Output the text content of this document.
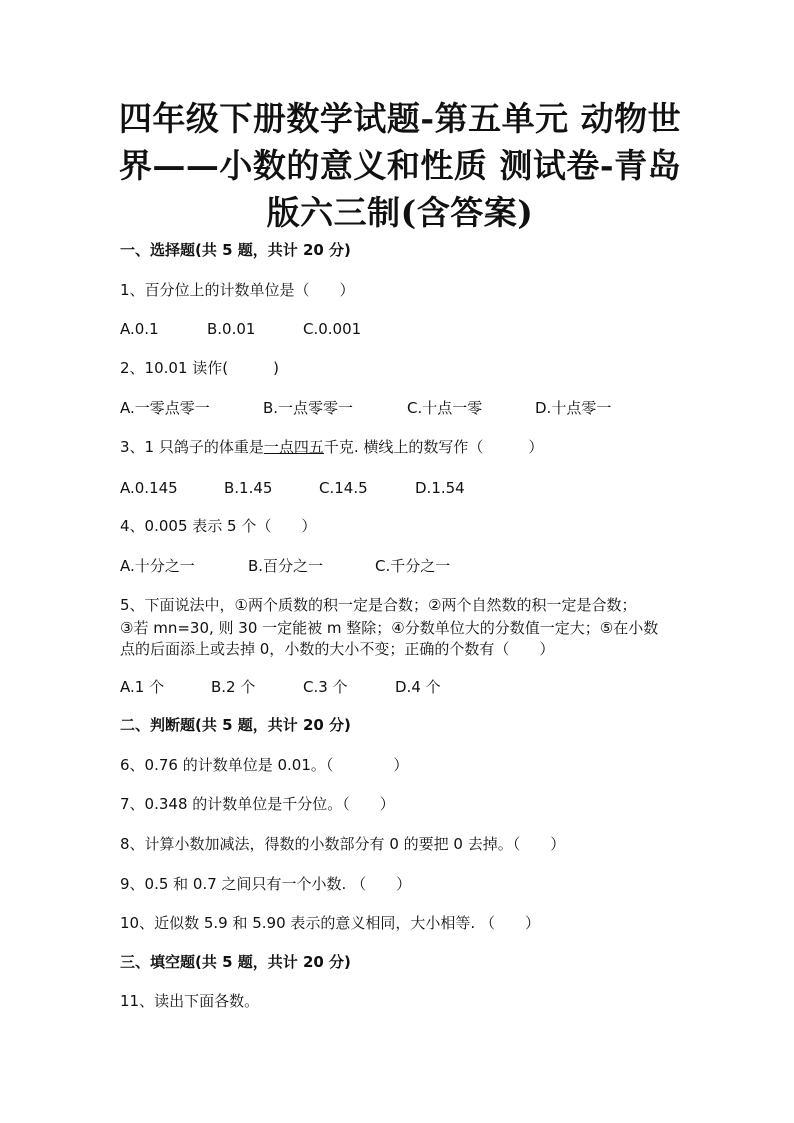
四年级下册数学试题-第五单元 动物世
界——小数的意义和性质 测试卷-青岛
版六三制(含答案)
一、选择题(共 5 题，共计 20 分)
1、百分位上的计数单位是（　　）
A.0.1	B.0.01	C.0.001
2、10.01 读作(　　　)
A.一零点零一	B.一点零零一	C.十点一零	D.十点零一
3、1 只鸽子的体重是一点四五千克. 横线上的数写作（　　　）
A.0.145	B.1.45	C.14.5	D.1.54
4、0.005 表示 5 个（　　）
A.十分之一	B.百分之一	C.千分之一
5、下面说法中，①两个质数的积一定是合数；②两个自然数的积一定是合数；
③若 mn=30, 则 30 一定能被 m 整除；④分数单位大的分数值一定大；⑤在小数
点的后面添上或去掉 0，小数的大小不变；正确的个数有（　　）
A.1 个	B.2 个	C.3 个	D.4 个
二、判断题(共 5 题，共计 20 分)
6、0.76 的计数单位是 0.01。（　　　　）
7、0.348 的计数单位是千分位。（　　）
8、计算小数加减法，得数的小数部分有 0 的要把 0 去掉。（　　）
9、0.5 和 0.7 之间只有一个小数. （　　）
10、近似数 5.9 和 5.90 表示的意义相同，大小相等. （　　）
三、填空题(共 5 题，共计 20 分)
11、读出下面各数。
